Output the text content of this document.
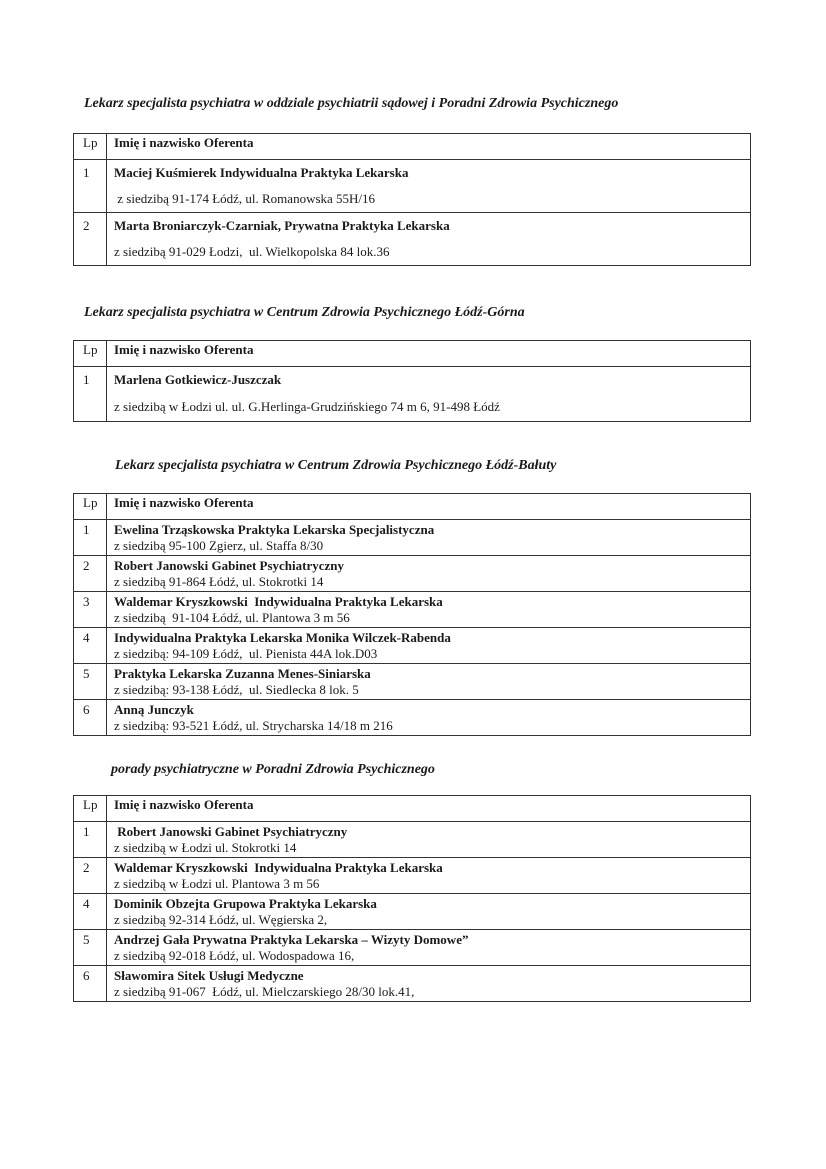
Lekarz specjalista psychiatra w oddziale psychiatrii sądowej i Poradni Zdrowia Psychicznego
Lp	Imię i nazwisko Oferenta
1	Maciej Kuśmierek Indywidualna Praktyka Lekarska
z siedzibą 91-174 Łódź, ul. Romanowska 55H/16

2	Marta Broniarczyk-Czarniak, Prywatna Praktyka Lekarska
z siedzibą 91-029 Łodzi,  ul. Wielkopolska 84 lok.36
Lekarz specjalista psychiatra w Centrum Zdrowia Psychicznego Łódź-Górna
Lp	Imię i nazwisko Oferenta
1	Marlena Gotkiewicz-Juszczak
z siedzibą w Łodzi ul. ul. G.Herlinga-Grudzińskiego 74 m 6, 91-498 Łódź
Lekarz specjalista psychiatra w Centrum Zdrowia Psychicznego Łódź-Bałuty
Lp	Imię i nazwisko Oferenta
1	Ewelina Trząskowska Praktyka Lekarska Specjalistyczna
z siedzibą 95-100 Zgierz, ul. Staffa 8/30

2	Robert Janowski Gabinet Psychiatryczny
z siedzibą 91-864 Łódź, ul. Stokrotki 14

3	Waldemar Kryszkowski  Indywidualna Praktyka Lekarska
z siedzibą  91-104 Łódź, ul. Plantowa 3 m 56

4	Indywidualna Praktyka Lekarska Monika Wilczek-Rabenda
z siedzibą: 94-109 Łódź,  ul. Pienista 44A lok.D03

5	Praktyka Lekarska Zuzanna Menes-Siniarska
z siedzibą: 93-138 Łódź,  ul. Siedlecka 8 lok. 5

6	Anną Junczyk
z siedzibą: 93-521 Łódź, ul. Strycharska 14/18 m 216
porady psychiatryczne w Poradni Zdrowia Psychicznego
Lp	Imię i nazwisko Oferenta
1	Robert Janowski Gabinet Psychiatryczny
z siedzibą w Łodzi ul. Stokrotki 14

2	Waldemar Kryszkowski  Indywidualna Praktyka Lekarska
z siedzibą w Łodzi ul. Plantowa 3 m 56

4	Dominik Obzejta Grupowa Praktyka Lekarska
z siedzibą 92-314 Łódź, ul. Węgierska 2,

5	Andrzej Gała Prywatna Praktyka Lekarska – Wizyty Domowe”
z siedzibą 92-018 Łódź, ul. Wodospadowa 16,

6	Sławomira Sitek Usługi Medyczne
z siedzibą 91-067  Łódź, ul. Mielczarskiego 28/30 lok.41,
